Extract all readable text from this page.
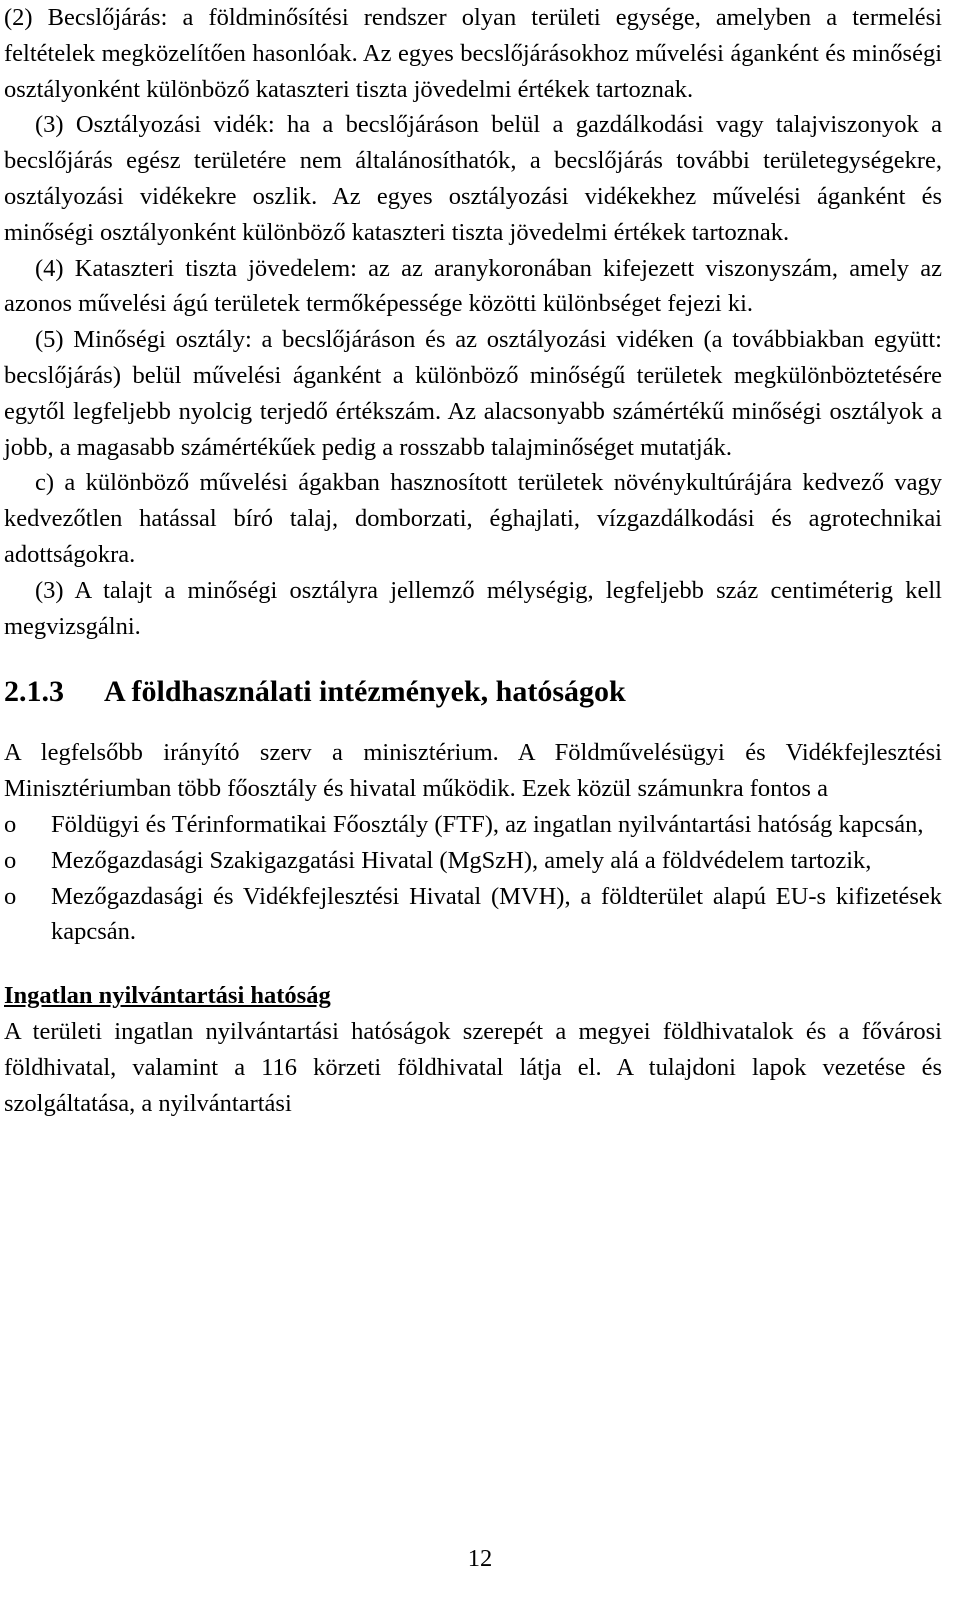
(2) Becslőjárás: a földminősítési rendszer olyan területi egysége, amelyben a termelési feltételek megközelítően hasonlóak. Az egyes becslőjárásokhoz művelési áganként és minőségi osztályonként különböző kataszteri tiszta jövedelmi értékek tartoznak.

(3) Osztályozási vidék: ha a becslőjáráson belül a gazdálkodási vagy talajviszonyok a becslőjárás egész területére nem általánosíthatók, a becslőjárás további területegységekre, osztályozási vidékekre oszlik. Az egyes osztályozási vidékekhez művelési áganként és minőségi osztályonként különböző kataszteri tiszta jövedelmi értékek tartoznak.

(4) Kataszteri tiszta jövedelem: az az aranykoronában kifejezett viszonyszám, amely az azonos művelési ágú területek termőképessége közötti különbséget fejezi ki.

(5) Minőségi osztály: a becslőjáráson és az osztályozási vidéken (a továbbiakban együtt: becslőjárás) belül művelési áganként a különböző minőségű területek megkülönböztetésére egytől legfeljebb nyolcig terjedő értékszám. Az alacsonyabb számértékű minőségi osztályok a jobb, a magasabb számértékűek pedig a rosszabb talajminőséget mutatják.

c) a különböző művelési ágakban hasznosított területek növénykultúrájára kedvező vagy kedvezőtlen hatással bíró talaj, domborzati, éghajlati, vízgazdálkodási és agrotechnikai adottságokra.

(3) A talajt a minőségi osztályra jellemző mélységig, legfeljebb száz centiméterig kell megvizsgálni.

2.1.3 A földhasználati intézmények, hatóságok

A legfelsőbb irányító szerv a minisztérium. A Földművelésügyi és Vidékfejlesztési Minisztériumban több főosztály és hivatal működik. Ezek közül számunkra fontos a

o Földügyi és Térinformatikai Főosztály (FTF), az ingatlan nyilvántartási hatóság kapcsán,
o Mezőgazdasági Szakigazgatási Hivatal (MgSzH), amely alá a földvédelem tartozik,
o Mezőgazdasági és Vidékfejlesztési Hivatal (MVH), a földterület alapú EU-s kifizetések kapcsán.
Ingatlan nyilvántartási hatóság

A területi ingatlan nyilvántartási hatóságok szerepét a megyei földhivatalok és a fővárosi földhivatal, valamint a 116 körzeti földhivatal látja el. A tulajdoni lapok vezetése és szolgáltatása, a nyilvántartási

12
